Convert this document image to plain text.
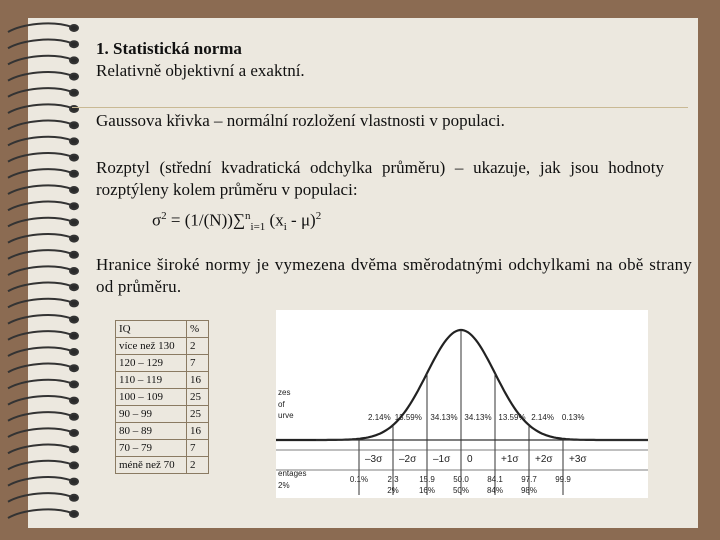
1. Statistická norma
Relativně objektivní a exaktní.
Gaussova křivka – normální rozložení vlastnosti v populaci.
Rozptyl (střední kvadratická odchylka průměru) – ukazuje, jak jsou hodnoty rozptýleny kolem průměru v populaci:
$\sigma^2 = (1/(N))\sum^n_{i=1}$ $(x_i - \mu)^2$
Hranice široké normy je vymezena dvěma směrodatnými odchylkami na obě strany od průměru.
IQ	%
více než 130	2
120 – 129	7
110 – 119	16
100 – 109	25
90 – 99	25
80 – 89	16
70 – 79	7
méně než 70	2
zes
of
urve
entages
2%
2.14% 13.59% 34.13% 34.13% 13.59% 2.14% 0.13%
–3σ –2σ –1σ 0	+1σ +2σ +3σ
0.1% 2.3	15.9 50.0 84.1 97.7 99.9
2%	16% 50% 84% 98%
